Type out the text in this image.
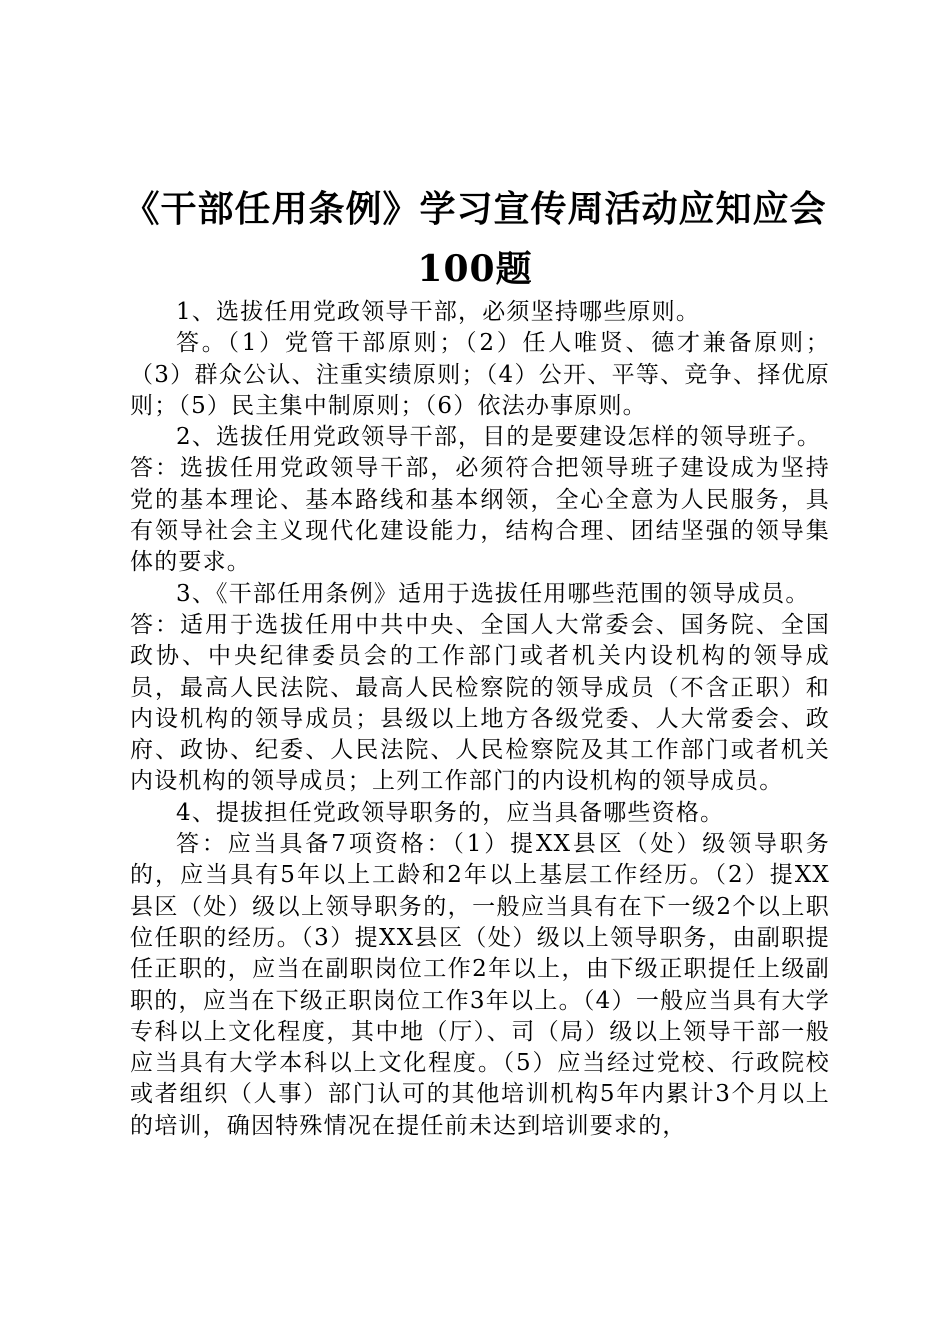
《干部任用条例》学习宣传周活动应知应会
100题

1、选拔任用党政领导干部，必须坚持哪些原则。

答。（1）党管干部原则；（2）任人唯贤、德才兼备原则；（3）群众公认、注重实绩原则；（4）公开、平等、竞争、择优原则；（5）民主集中制原则；（6）依法办事原则。

2、选拔任用党政领导干部，目的是要建设怎样的领导班子。

答：选拔任用党政领导干部，必须符合把领导班子建设成为坚持党的基本理论、基本路线和基本纲领，全心全意为人民服务，具有领导社会主义现代化建设能力，结构合理、团结坚强的领导集体的要求。

3、《干部任用条例》适用于选拔任用哪些范围的领导成员。

答：适用于选拔任用中共中央、全国人大常委会、国务院、全国政协、中央纪律委员会的工作部门或者机关内设机构的领导成员，最高人民法院、最高人民检察院的领导成员（不含正职）和内设机构的领导成员；县级以上地方各级党委、人大常委会、政府、政协、纪委、人民法院、人民检察院及其工作部门或者机关内设机构的领导成员；上列工作部门的内设机构的领导成员。

4、提拔担任党政领导职务的，应当具备哪些资格。

答：应当具备7项资格：（1）提XX县区（处）级领导职务的，应当具有5年以上工龄和2年以上基层工作经历。（2）提XX县区（处）级以上领导职务的，一般应当具有在下一级2个以上职位任职的经历。（3）提XX县区（处）级以上领导职务，由副职提任正职的，应当在副职岗位工作2年以上，由下级正职提任上级副职的，应当在下级正职岗位工作3年以上。（4）一般应当具有大学专科以上文化程度，其中地（厅）、司（局）级以上领导干部一般应当具有大学本科以上文化程度。（5）应当经过党校、行政院校或者组织（人事）部门认可的其他培训机构5年内累计3个月以上的培训，确因特殊情况在提任前未达到培训要求的，
